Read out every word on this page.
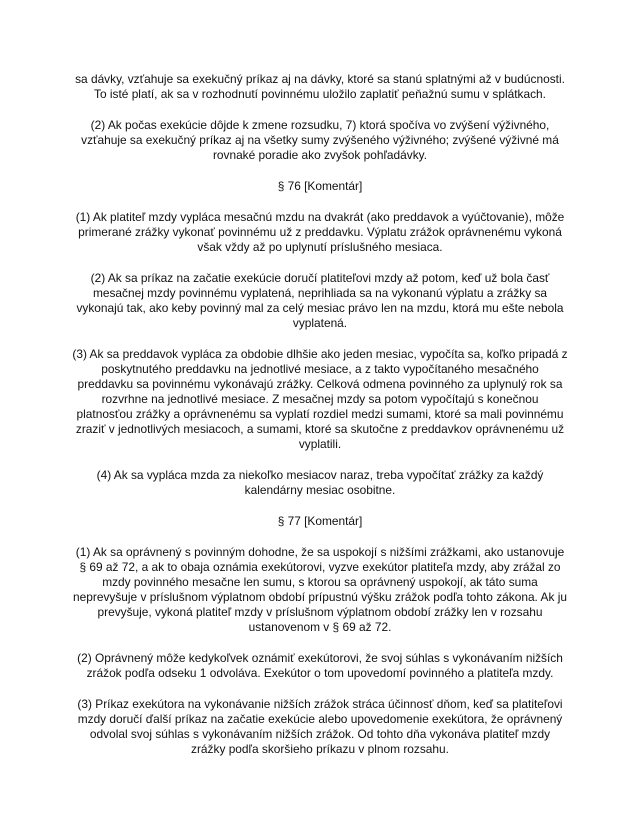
sa dávky, vzťahuje sa exekučný príkaz aj na dávky, ktoré sa stanú splatnými až v budúcnosti. To isté platí, ak sa v rozhodnutí povinnému uložilo zaplatiť peňažnú sumu v splátkach.

(2) Ak počas exekúcie dôjde k zmene rozsudku, 7) ktorá spočíva vo zvýšení výživného, vzťahuje sa exekučný príkaz aj na všetky sumy zvýšeného výživného; zvýšené výživné má rovnaké poradie ako zvyšok pohľadávky.

§ 76 [Komentár]

(1) Ak platiteľ mzdy vypláca mesačnú mzdu na dvakrát (ako preddavok a vyúčtovanie), môže primerané zrážky vykonať povinnému už z preddavku. Výplatu zrážok oprávnenému vykoná však vždy až po uplynutí príslušného mesiaca.

(2) Ak sa príkaz na začatie exekúcie doručí platiteľovi mzdy až potom, keď už bola časť mesačnej mzdy povinnému vyplatená, neprihliada sa na vykonanú výplatu a zrážky sa vykonajú tak, ako keby povinný mal za celý mesiac právo len na mzdu, ktorá mu ešte nebola vyplatená.

(3) Ak sa preddavok vypláca za obdobie dlhšie ako jeden mesiac, vypočíta sa, koľko pripadá z poskytnutého preddavku na jednotlivé mesiace, a z takto vypočítaného mesačného preddavku sa povinnému vykonávajú zrážky. Celková odmena povinného za uplynulý rok sa rozvrhne na jednotlivé mesiace. Z mesačnej mzdy sa potom vypočítajú s konečnou platnosťou zrážky a oprávnenému sa vyplatí rozdiel medzi sumami, ktoré sa mali povinnému zraziť v jednotlivých mesiacoch, a sumami, ktoré sa skutočne z preddavkov oprávnenému už vyplatili.

(4) Ak sa vypláca mzda za niekoľko mesiacov naraz, treba vypočítať zrážky za každý kalendárny mesiac osobitne.

§ 77 [Komentár]

(1) Ak sa oprávnený s povinným dohodne, že sa uspokojí s nižšími zrážkami, ako ustanovuje § 69 až 72, a ak to obaja oznámia exekútorovi, vyzve exekútor platiteľa mzdy, aby zrážal zo mzdy povinného mesačne len sumu, s ktorou sa oprávnený uspokojí, ak táto suma neprevyšuje v príslušnom výplatnom období prípustnú výšku zrážok podľa tohto zákona. Ak ju prevyšuje, vykoná platiteľ mzdy v príslušnom výplatnom období zrážky len v rozsahu ustanovenom v § 69 až 72.

(2) Oprávnený môže kedykoľvek oznámiť exekútorovi, že svoj súhlas s vykonávaním nižších zrážok podľa odseku 1 odvoláva. Exekútor o tom upovedomí povinného a platiteľa mzdy.

(3) Príkaz exekútora na vykonávanie nižších zrážok stráca účinnosť dňom, keď sa platiteľovi mzdy doručí ďalší príkaz na začatie exekúcie alebo upovedomenie exekútora, že oprávnený odvolal svoj súhlas s vykonávaním nižších zrážok. Od tohto dňa vykonáva platiteľ mzdy zrážky podľa skoršieho príkazu v plnom rozsahu.
